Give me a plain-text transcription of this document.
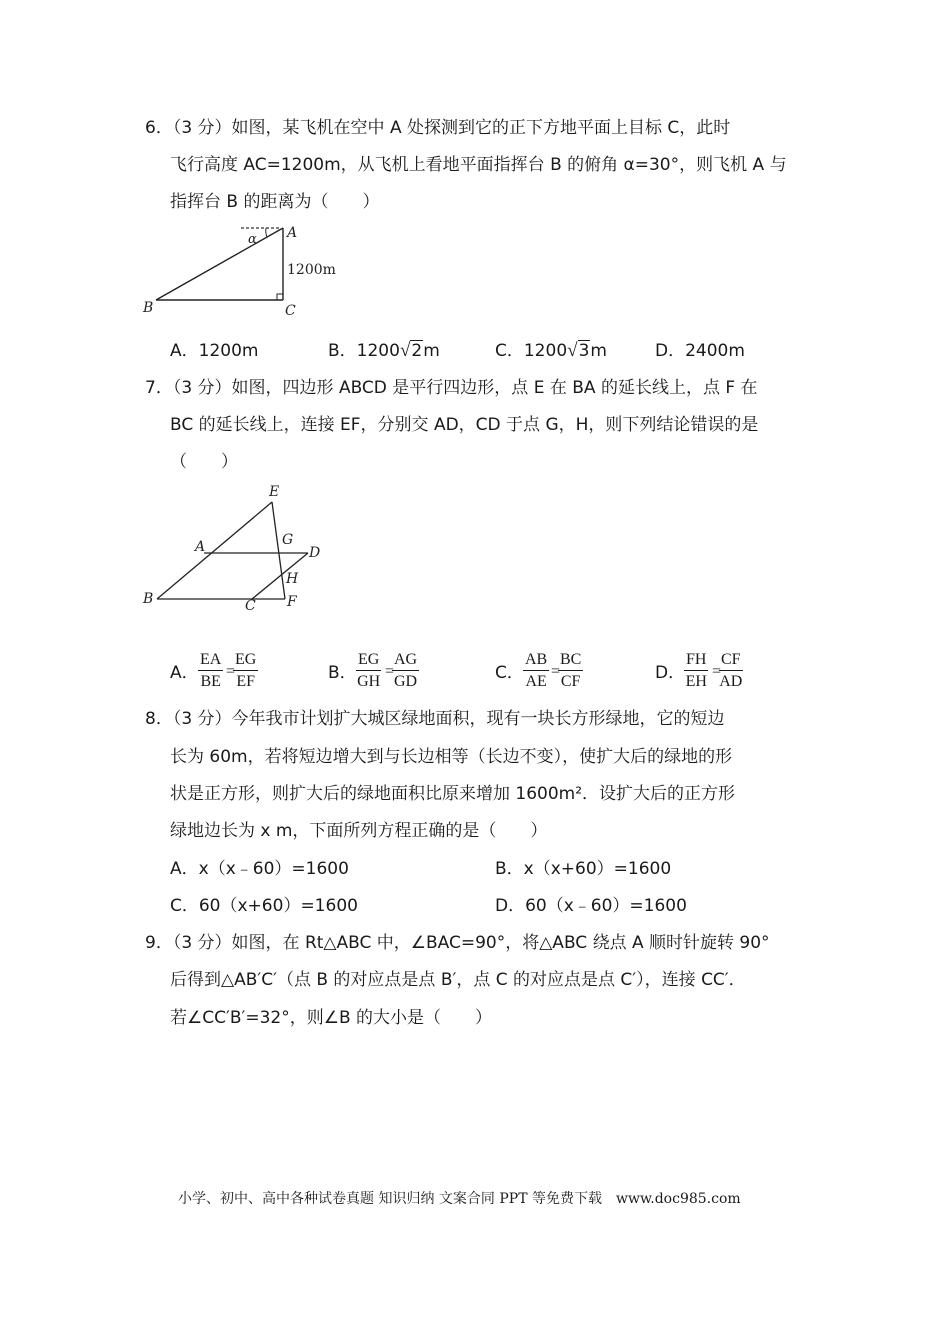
6．（3 分）如图，某飞机在空中 A 处探测到它的正下方地平面上目标 C，此时
飞行高度 AC=1200m，从飞机上看地平面指挥台 B 的俯角 α=30°，则飞机 A 与
指挥台 B 的距离为（　　）
α A
1200m
B	C
A．1200m	B．1200√2m	C．1200√3m	D．2400m
7．（3 分）如图，四边形 ABCD 是平行四边形，点 E 在 BA 的延长线上，点 F 在
BC 的延长线上，连接 EF，分别交 AD，CD 于点 G，H，则下列结论错误的是
（　　）
E
A	G
D
H
B	C F
A． $\frac{EA}{BE}$ =
$\frac{EG}{EF}$	B． $\frac{EG}{GH}$ =
$\frac{AG}{GD}$	C． $\frac{AB}{AE}$ =
$\frac{BC}{CF}$	D．
$\frac{FH}{EH}$ =
$\frac{CF}{AD}$
8．（3 分）今年我市计划扩大城区绿地面积，现有一块长方形绿地，它的短边
长为 60m，若将短边增大到与长边相等（长边不变），使扩大后的绿地的形
状是正方形，则扩大后的绿地面积比原来增加 1600m²．设扩大后的正方形
绿地边长为 x m，下面所列方程正确的是（　　）
A．x（x﹣60）=1600	B．x（x+60）=1600
C．60（x+60）=1600	D．60（x﹣60）=1600
9．（3 分）如图，在 Rt△ABC 中，∠BAC=90°，将△ABC 绕点 A 顺时针旋转 90°
后得到△AB′C′（点 B 的对应点是点 B′，点 C 的对应点是点 C′），连接 CC′．
若∠CC′B′=32°，则∠B 的大小是（　　）
小学、初中、高中各种试卷真题 知识归纳 文案合同 PPT 等免费下载　www.doc985.com
